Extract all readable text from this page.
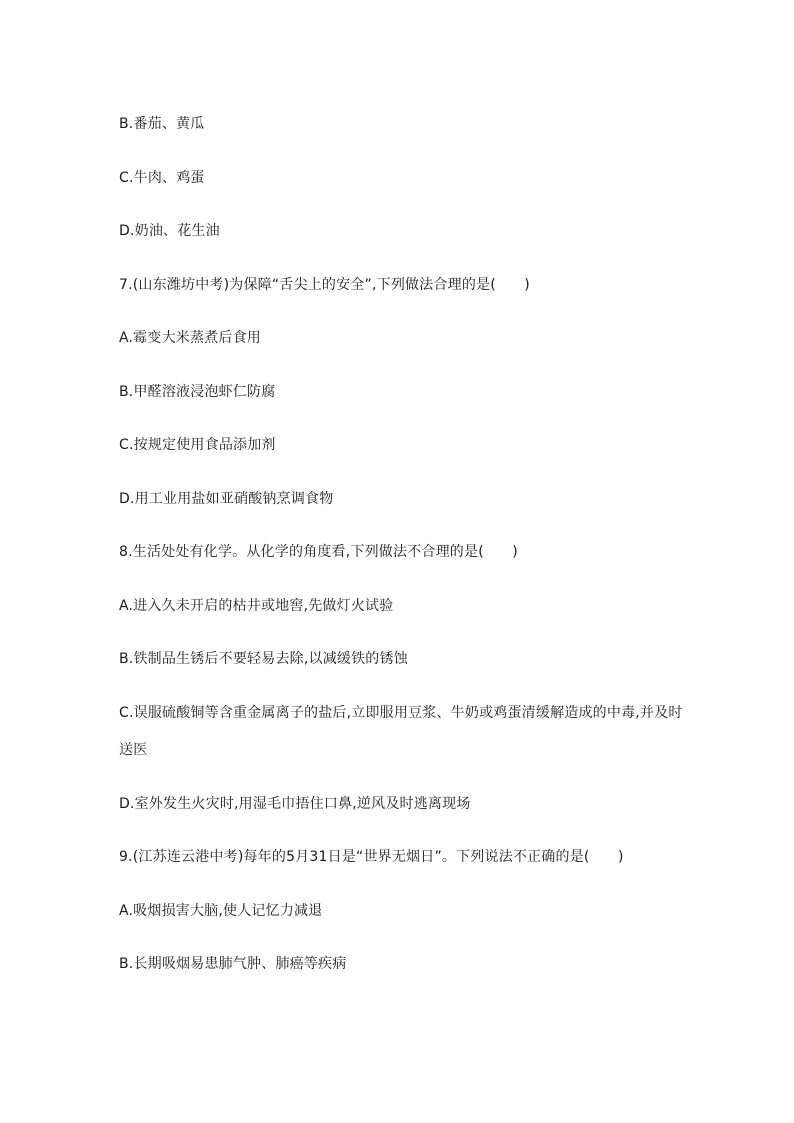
B.番茄、黄瓜
C.牛肉、鸡蛋
D.奶油、花生油
7.(山东潍坊中考)为保障“舌尖上的安全”,下列做法合理的是(　　)
A.霉变大米蒸煮后食用
B.甲醛溶液浸泡虾仁防腐
C.按规定使用食品添加剂
D.用工业用盐如亚硝酸钠烹调食物
8.生活处处有化学。从化学的角度看,下列做法不合理的是(　　)
A.进入久未开启的枯井或地窖,先做灯火试验
B.铁制品生锈后不要轻易去除,以减缓铁的锈蚀
C.误服硫酸铜等含重金属离子的盐后,立即服用豆浆、牛奶或鸡蛋清缓解造成的中毒,并及时
送医
D.室外发生火灾时,用湿毛巾捂住口鼻,逆风及时逃离现场
9.(江苏连云港中考)每年的5月31日是“世界无烟日”。下列说法不正确的是(　　)
A.吸烟损害大脑,使人记忆力减退
B.长期吸烟易患肺气肿、肺癌等疾病
